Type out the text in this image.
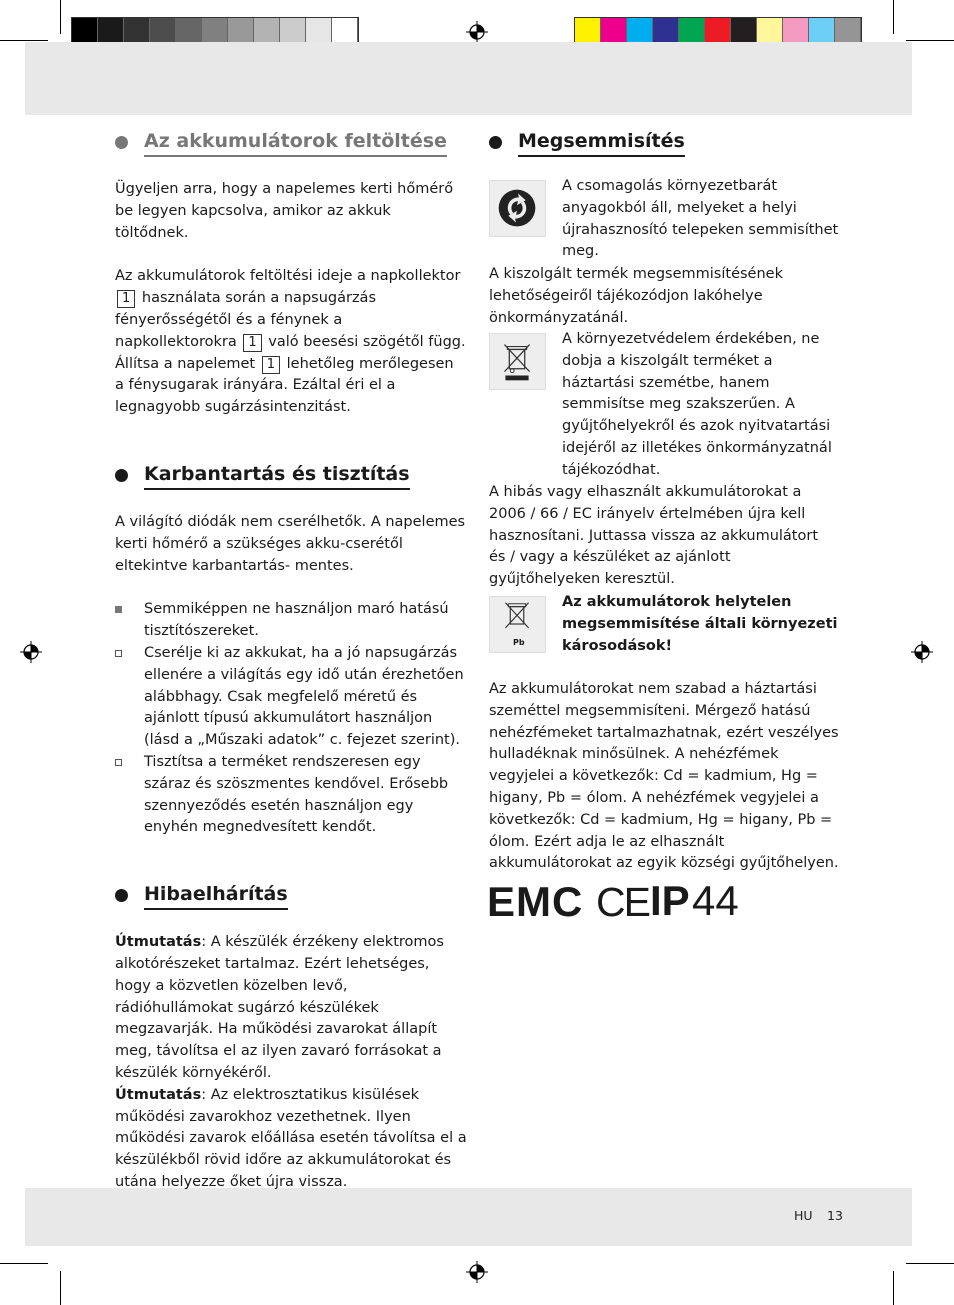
Az akkumulátorok feltöltése

Ügyeljen arra, hogy a napelemes kerti hőmérő be legyen kapcsolva, amikor az akkuk töltődnek.

Az akkumulátorok feltöltési ideje a napkollektor 1 használata során a napsugárzás fényerősségétől és a fénynek a napkollektorokra 1 való beesési szögétől függ. Állítsa a napelemet 1 lehetőleg merőlegesen a fénysugarak irányára. Ezáltal éri el a legnagyobb sugárzásintenzitást.

Karbantartás és tisztítás

A világító diódák nem cserélhetők. A napelemes kerti hőmérő a szükséges akku-cserétől eltekintve karbantartás- mentes.

Semmiképpen ne használjon maró hatású tisztítószereket.

Cserélje ki az akkukat, ha a jó napsugárzás ellenére a világítás egy idő után érezhetően alábbhagy. Csak megfelelő méretű és ajánlott típusú akkumulátort használjon (lásd a „Műszaki adatok” c. fejezet szerint).

Tisztítsa a terméket rendszeresen egy száraz és szöszmentes kendővel. Erősebb szennyeződés esetén használjon egy enyhén megnedvesített kendőt.

Hibaelhárítás

Útmutatás: A készülék érzékeny elektromos alkotórészeket tartalmaz. Ezért lehetséges, hogy a közvetlen közelben levő, rádióhullámokat sugárzó készülékek megzavarják. Ha működési zavarokat állapít meg, távolítsa el az ilyen zavaró forrásokat a készülék környékéről.

Útmutatás: Az elektrosztatikus kisülések működési zavarokhoz vezethetnek. Ilyen működési zavarok előállása esetén távolítsa el a készülékből rövid időre az akkumulátorokat és utána helyezze őket újra vissza.

Megsemmisítés
A csomagolás környezetbarát anyagokból áll, melyeket a helyi újrahasznosító telepeken semmisíthet meg.

A kiszolgált termék megsemmisítésének lehetőségeiről tájékozódjon lakóhelye önkormányzatánál.

A környezetvédelem érdekében, ne dobja a kiszolgált terméket a háztartási szemétbe, hanem semmisítse meg szakszerűen. A gyűjtőhelyekről és azok nyitvatartási idejéről az illetékes önkormányzatnál tájékozódhat.

A hibás vagy elhasznált akkumulátorokat a 2006 / 66 / EC irányelv értelmében újra kell hasznosítani. Juttassa vissza az akkumulátort és / vagy a készüléket az ajánlott gyűjtőhelyeken keresztül.

Pb
Az akkumulátorok helytelen megsemmisítése általi környezeti károsodások!

Az akkumulátorokat nem szabad a háztartási szeméttel megsemmisíteni. Mérgező hatású nehézfémeket tartalmazhatnak, ezért veszélyes hulladéknak minősülnek. A nehézfémek vegyjelei a következők: Cd = kadmium, Hg = higany, Pb = ólom. A nehézfémek vegyjelei a következők: Cd = kadmium, Hg = higany, Pb = ólom. Ezért adja le az elhasznált akkumulátorokat az egyik községi gyűjtőhelyen.

EMC CE IP 44
HU 13
